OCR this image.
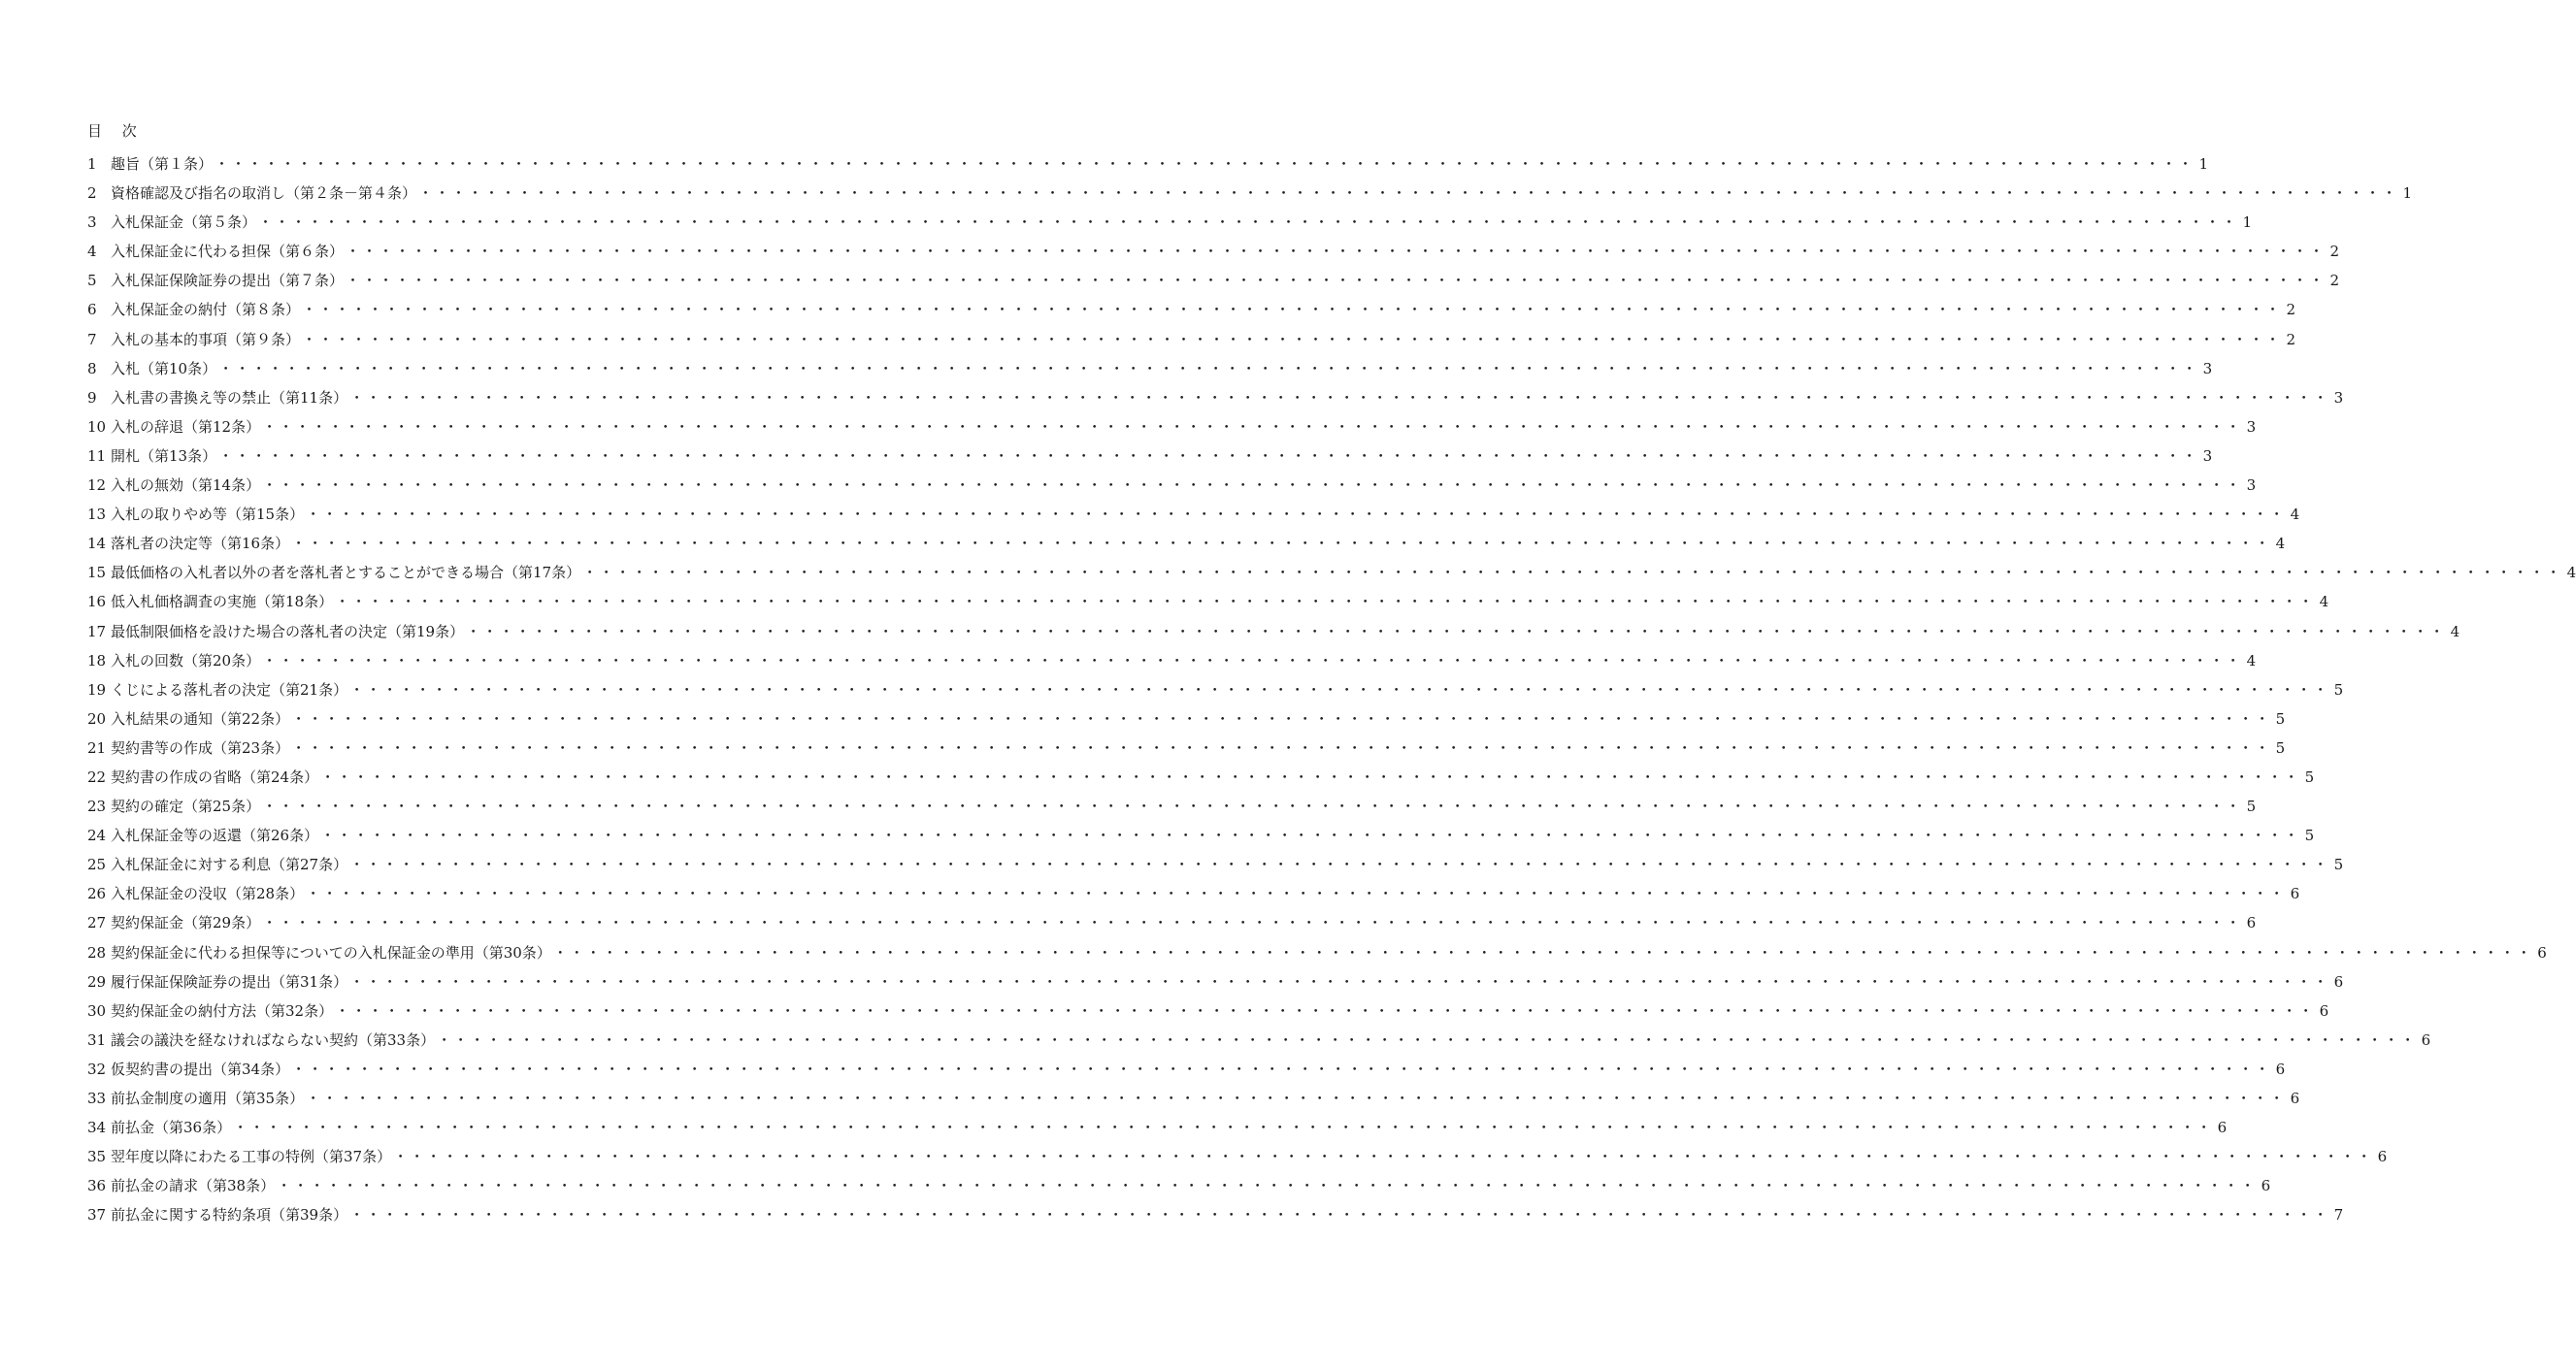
目 次
1 趣旨（第１条） ・・・・・・・・・・・・・・・・・・・・・・・・・・・・・・・・・・・・・・・・・・・・・・・・・・・・・・・・・・・・・・・・・・・・・・・・・・・・・・・・・・・・・・・・・・・・・・・・・・・・・・・・・・・・・・・・・・・・・・・・ 1
2 資格確認及び指名の取消し（第２条－第４条） ・・・・・・・・・・・・・・・・・・・・・・・・・・・・・・・・・・・・・・・・・・・・・・・・・・・・・・・・・・・・・・・・・・・・・・・・・・・・・・・・・・・・・・・・・・・・・・・・・・・・・・・・・・・・・・・・・・・・・・・・ 1
3 入札保証金（第５条） ・・・・・・・・・・・・・・・・・・・・・・・・・・・・・・・・・・・・・・・・・・・・・・・・・・・・・・・・・・・・・・・・・・・・・・・・・・・・・・・・・・・・・・・・・・・・・・・・・・・・・・・・・・・・・・・・・・・・・・・・ 1
4 入札保証金に代わる担保（第６条） ・・・・・・・・・・・・・・・・・・・・・・・・・・・・・・・・・・・・・・・・・・・・・・・・・・・・・・・・・・・・・・・・・・・・・・・・・・・・・・・・・・・・・・・・・・・・・・・・・・・・・・・・・・・・・・・・・・・・・・・・ 2
5 入札保証保険証券の提出（第７条） ・・・・・・・・・・・・・・・・・・・・・・・・・・・・・・・・・・・・・・・・・・・・・・・・・・・・・・・・・・・・・・・・・・・・・・・・・・・・・・・・・・・・・・・・・・・・・・・・・・・・・・・・・・・・・・・・・・・・・・・・ 2
6 入札保証金の納付（第８条） ・・・・・・・・・・・・・・・・・・・・・・・・・・・・・・・・・・・・・・・・・・・・・・・・・・・・・・・・・・・・・・・・・・・・・・・・・・・・・・・・・・・・・・・・・・・・・・・・・・・・・・・・・・・・・・・・・・・・・・・・ 2
7 入札の基本的事項（第９条） ・・・・・・・・・・・・・・・・・・・・・・・・・・・・・・・・・・・・・・・・・・・・・・・・・・・・・・・・・・・・・・・・・・・・・・・・・・・・・・・・・・・・・・・・・・・・・・・・・・・・・・・・・・・・・・・・・・・・・・・・ 2
8 入札（第10条） ・・・・・・・・・・・・・・・・・・・・・・・・・・・・・・・・・・・・・・・・・・・・・・・・・・・・・・・・・・・・・・・・・・・・・・・・・・・・・・・・・・・・・・・・・・・・・・・・・・・・・・・・・・・・・・・・・・・・・・・・ 3
9 入札書の書換え等の禁止（第11条） ・・・・・・・・・・・・・・・・・・・・・・・・・・・・・・・・・・・・・・・・・・・・・・・・・・・・・・・・・・・・・・・・・・・・・・・・・・・・・・・・・・・・・・・・・・・・・・・・・・・・・・・・・・・・・・・・・・・・・・・・ 3
10 入札の辞退（第12条） ・・・・・・・・・・・・・・・・・・・・・・・・・・・・・・・・・・・・・・・・・・・・・・・・・・・・・・・・・・・・・・・・・・・・・・・・・・・・・・・・・・・・・・・・・・・・・・・・・・・・・・・・・・・・・・・・・・・・・・・・ 3
11 開札（第13条） ・・・・・・・・・・・・・・・・・・・・・・・・・・・・・・・・・・・・・・・・・・・・・・・・・・・・・・・・・・・・・・・・・・・・・・・・・・・・・・・・・・・・・・・・・・・・・・・・・・・・・・・・・・・・・・・・・・・・・・・・ 3
12 入札の無効（第14条） ・・・・・・・・・・・・・・・・・・・・・・・・・・・・・・・・・・・・・・・・・・・・・・・・・・・・・・・・・・・・・・・・・・・・・・・・・・・・・・・・・・・・・・・・・・・・・・・・・・・・・・・・・・・・・・・・・・・・・・・・ 3
13 入札の取りやめ等（第15条） ・・・・・・・・・・・・・・・・・・・・・・・・・・・・・・・・・・・・・・・・・・・・・・・・・・・・・・・・・・・・・・・・・・・・・・・・・・・・・・・・・・・・・・・・・・・・・・・・・・・・・・・・・・・・・・・・・・・・・・・・ 4
14 落札者の決定等（第16条） ・・・・・・・・・・・・・・・・・・・・・・・・・・・・・・・・・・・・・・・・・・・・・・・・・・・・・・・・・・・・・・・・・・・・・・・・・・・・・・・・・・・・・・・・・・・・・・・・・・・・・・・・・・・・・・・・・・・・・・・・ 4
15 最低価格の入札者以外の者を落札者とすることができる場合（第17条） ・・・・・・・・・・・・・・・・・・・・・・・・・・・・・・・・・・・・・・・・・・・・・・・・・・・・・・・・・・・・・・・・・・・・・・・・・・・・・・・・・・・・・・・・・・・・・・・・・・・・・・・・・・・・・・・・・・・・・・・・ 4
16 低入札価格調査の実施（第18条） ・・・・・・・・・・・・・・・・・・・・・・・・・・・・・・・・・・・・・・・・・・・・・・・・・・・・・・・・・・・・・・・・・・・・・・・・・・・・・・・・・・・・・・・・・・・・・・・・・・・・・・・・・・・・・・・・・・・・・・・・ 4
17 最低制限価格を設けた場合の落札者の決定（第19条） ・・・・・・・・・・・・・・・・・・・・・・・・・・・・・・・・・・・・・・・・・・・・・・・・・・・・・・・・・・・・・・・・・・・・・・・・・・・・・・・・・・・・・・・・・・・・・・・・・・・・・・・・・・・・・・・・・・・・・・・・ 4
18 入札の回数（第20条） ・・・・・・・・・・・・・・・・・・・・・・・・・・・・・・・・・・・・・・・・・・・・・・・・・・・・・・・・・・・・・・・・・・・・・・・・・・・・・・・・・・・・・・・・・・・・・・・・・・・・・・・・・・・・・・・・・・・・・・・・ 4
19 くじによる落札者の決定（第21条） ・・・・・・・・・・・・・・・・・・・・・・・・・・・・・・・・・・・・・・・・・・・・・・・・・・・・・・・・・・・・・・・・・・・・・・・・・・・・・・・・・・・・・・・・・・・・・・・・・・・・・・・・・・・・・・・・・・・・・・・・ 5
20 入札結果の通知（第22条） ・・・・・・・・・・・・・・・・・・・・・・・・・・・・・・・・・・・・・・・・・・・・・・・・・・・・・・・・・・・・・・・・・・・・・・・・・・・・・・・・・・・・・・・・・・・・・・・・・・・・・・・・・・・・・・・・・・・・・・・・ 5
21 契約書等の作成（第23条） ・・・・・・・・・・・・・・・・・・・・・・・・・・・・・・・・・・・・・・・・・・・・・・・・・・・・・・・・・・・・・・・・・・・・・・・・・・・・・・・・・・・・・・・・・・・・・・・・・・・・・・・・・・・・・・・・・・・・・・・・ 5
22 契約書の作成の省略（第24条） ・・・・・・・・・・・・・・・・・・・・・・・・・・・・・・・・・・・・・・・・・・・・・・・・・・・・・・・・・・・・・・・・・・・・・・・・・・・・・・・・・・・・・・・・・・・・・・・・・・・・・・・・・・・・・・・・・・・・・・・・ 5
23 契約の確定（第25条） ・・・・・・・・・・・・・・・・・・・・・・・・・・・・・・・・・・・・・・・・・・・・・・・・・・・・・・・・・・・・・・・・・・・・・・・・・・・・・・・・・・・・・・・・・・・・・・・・・・・・・・・・・・・・・・・・・・・・・・・・ 5
24 入札保証金等の返還（第26条） ・・・・・・・・・・・・・・・・・・・・・・・・・・・・・・・・・・・・・・・・・・・・・・・・・・・・・・・・・・・・・・・・・・・・・・・・・・・・・・・・・・・・・・・・・・・・・・・・・・・・・・・・・・・・・・・・・・・・・・・・ 5
25 入札保証金に対する利息（第27条） ・・・・・・・・・・・・・・・・・・・・・・・・・・・・・・・・・・・・・・・・・・・・・・・・・・・・・・・・・・・・・・・・・・・・・・・・・・・・・・・・・・・・・・・・・・・・・・・・・・・・・・・・・・・・・・・・・・・・・・・・ 5
26 入札保証金の没収（第28条） ・・・・・・・・・・・・・・・・・・・・・・・・・・・・・・・・・・・・・・・・・・・・・・・・・・・・・・・・・・・・・・・・・・・・・・・・・・・・・・・・・・・・・・・・・・・・・・・・・・・・・・・・・・・・・・・・・・・・・・・・ 6
27 契約保証金（第29条） ・・・・・・・・・・・・・・・・・・・・・・・・・・・・・・・・・・・・・・・・・・・・・・・・・・・・・・・・・・・・・・・・・・・・・・・・・・・・・・・・・・・・・・・・・・・・・・・・・・・・・・・・・・・・・・・・・・・・・・・・ 6
28 契約保証金に代わる担保等についての入札保証金の準用（第30条） ・・・・・・・・・・・・・・・・・・・・・・・・・・・・・・・・・・・・・・・・・・・・・・・・・・・・・・・・・・・・・・・・・・・・・・・・・・・・・・・・・・・・・・・・・・・・・・・・・・・・・・・・・・・・・・・・・・・・・・・・ 6
29 履行保証保険証券の提出（第31条） ・・・・・・・・・・・・・・・・・・・・・・・・・・・・・・・・・・・・・・・・・・・・・・・・・・・・・・・・・・・・・・・・・・・・・・・・・・・・・・・・・・・・・・・・・・・・・・・・・・・・・・・・・・・・・・・・・・・・・・・・ 6
30 契約保証金の納付方法（第32条） ・・・・・・・・・・・・・・・・・・・・・・・・・・・・・・・・・・・・・・・・・・・・・・・・・・・・・・・・・・・・・・・・・・・・・・・・・・・・・・・・・・・・・・・・・・・・・・・・・・・・・・・・・・・・・・・・・・・・・・・・ 6
31 議会の議決を経なければならない契約（第33条） ・・・・・・・・・・・・・・・・・・・・・・・・・・・・・・・・・・・・・・・・・・・・・・・・・・・・・・・・・・・・・・・・・・・・・・・・・・・・・・・・・・・・・・・・・・・・・・・・・・・・・・・・・・・・・・・・・・・・・・・・ 6
32 仮契約書の提出（第34条） ・・・・・・・・・・・・・・・・・・・・・・・・・・・・・・・・・・・・・・・・・・・・・・・・・・・・・・・・・・・・・・・・・・・・・・・・・・・・・・・・・・・・・・・・・・・・・・・・・・・・・・・・・・・・・・・・・・・・・・・・ 6
33 前払金制度の適用（第35条） ・・・・・・・・・・・・・・・・・・・・・・・・・・・・・・・・・・・・・・・・・・・・・・・・・・・・・・・・・・・・・・・・・・・・・・・・・・・・・・・・・・・・・・・・・・・・・・・・・・・・・・・・・・・・・・・・・・・・・・・・ 6
34 前払金（第36条） ・・・・・・・・・・・・・・・・・・・・・・・・・・・・・・・・・・・・・・・・・・・・・・・・・・・・・・・・・・・・・・・・・・・・・・・・・・・・・・・・・・・・・・・・・・・・・・・・・・・・・・・・・・・・・・・・・・・・・・・・ 6
35 翌年度以降にわたる工事の特例（第37条） ・・・・・・・・・・・・・・・・・・・・・・・・・・・・・・・・・・・・・・・・・・・・・・・・・・・・・・・・・・・・・・・・・・・・・・・・・・・・・・・・・・・・・・・・・・・・・・・・・・・・・・・・・・・・・・・・・・・・・・・・ 6
36 前払金の請求（第38条） ・・・・・・・・・・・・・・・・・・・・・・・・・・・・・・・・・・・・・・・・・・・・・・・・・・・・・・・・・・・・・・・・・・・・・・・・・・・・・・・・・・・・・・・・・・・・・・・・・・・・・・・・・・・・・・・・・・・・・・・・ 6
37 前払金に関する特約条項（第39条） ・・・・・・・・・・・・・・・・・・・・・・・・・・・・・・・・・・・・・・・・・・・・・・・・・・・・・・・・・・・・・・・・・・・・・・・・・・・・・・・・・・・・・・・・・・・・・・・・・・・・・・・・・・・・・・・・・・・・・・・・ 7
